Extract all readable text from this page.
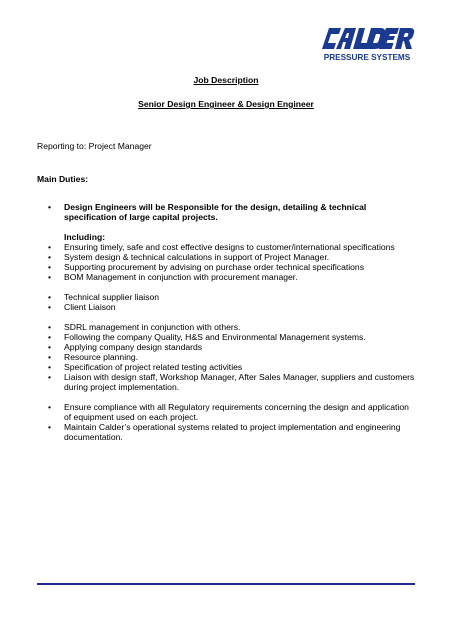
PRESSURE SYSTEMS
Job Description
Senior Design Engineer & Design Engineer
Reporting to: Project Manager
Main Duties:
• Design Engineers will be Responsible for the design, detailing & technical specification of large capital projects.
Including:
• Ensuring timely, safe and cost effective designs to customer/international specifications
• System design & technical calculations in support of Project Manager.
• Supporting procurement by advising on purchase order technical specifications
• BOM Management in conjunction with procurement manager.
• Technical supplier liaison
• Client Liaison
• SDRL management in conjunction with others.
• Following the company Quality, H&S and Environmental Management systems.
• Applying company design standards
• Resource planning.
• Specification of project related testing activities
• Liaison with design staff, Workshop Manager, After Sales Manager, suppliers and customers during project implementation.
• Ensure compliance with all Regulatory requirements concerning the design and application of equipment used on each project.
• Maintain Calder’s operational systems related to project implementation and engineering documentation.
